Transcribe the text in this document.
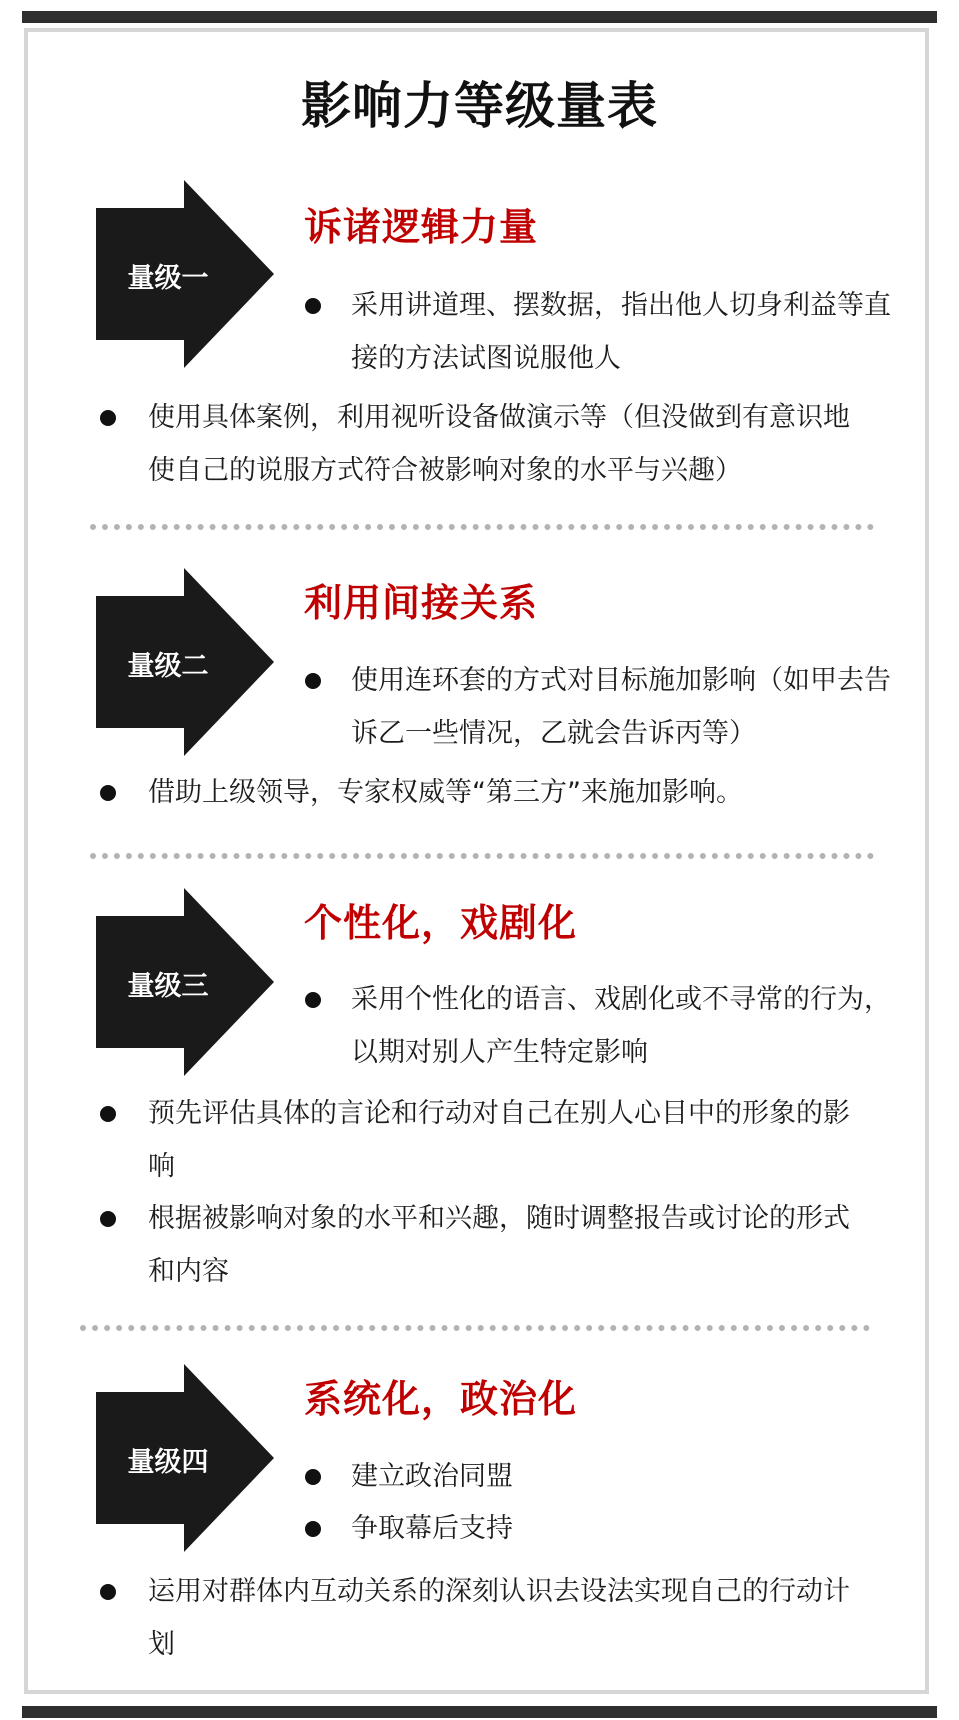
影响力等级量表
量级一
诉诸逻辑力量
采用讲道理、摆数据，指出他人切身利益等直接的方法试图说服他人
使用具体案例，利用视听设备做演示等（但没做到有意识地使自己的说服方式符合被影响对象的水平与兴趣）
量级二
利用间接关系
使用连环套的方式对目标施加影响（如甲去告诉乙一些情况，乙就会告诉丙等）
借助上级领导，专家权威等“第三方”来施加影响。
量级三
个性化，戏剧化
采用个性化的语言、戏剧化或不寻常的行为，以期对别人产生特定影响
预先评估具体的言论和行动对自己在别人心目中的形象的影响
根据被影响对象的水平和兴趣，随时调整报告或讨论的形式和内容
量级四
系统化，政治化
建立政治同盟
争取幕后支持
运用对群体内互动关系的深刻认识去设法实现自己的行动计划
